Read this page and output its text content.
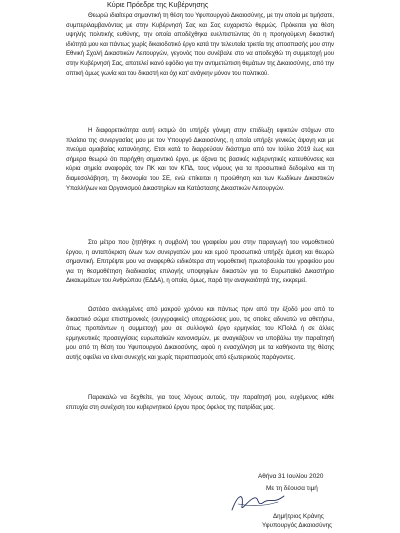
Κύριε Πρόεδρε της Κυβέρνησης

Θεωρώ ιδιαίτερα σημαντική τη θέση του Υφυπουργού Δικαιοσύνης, με την οποία με τιμήσατε, συμπεριλαμβανόντας με στην Κυβέρνησή Σας και Σας ευχαριστώ θερμώς. Πρόκειται για θέση υψηλής πολιτικής ευθύνης, την οποία αποδέχθηκα ευελπιστώντας ότι η προηγούμενη δικαστική ιδιότητά μου και πάντως χωρίς δικαιοδοτικό έργο κατά την τελευταία τριετία της αποσπασής μου στην Εθνική Σχολή Δικαστικών Λειτουργών, γεγονός που συνέβαλε στο να αποδεχθώ τη συμμετοχή μου στην Κυβέρνησή Σας, αποτελεί ικανό εφόδιο για την αντιμετώπιση θεμάτων της Δικαιοσύνης, από την οπτική όμως γωνία και του δικαστή και όχι κατ' ανάγκην μόνον του πολιτικού.

Η διαφορετικότητα αυτή εκτιμώ ότι υπήρξε γόνιμη στην επιδίωξη εφικτών στόχων στο πλαίσιο της συνεργασίας μου με τον Υπουργό Δικαιοσύνης, η οποία υπήρξε γενικώς άψογη και με πνεύμα αμοιβαίας κατανόησης. Ετσι κατά το διαρρεύσαν διάστημα από τον Ιούλιο 2019 έως και σήμερα θεωρώ ότι παρήχθη σημαντικό έργο, με άξονα τις βασικές κυβερνητικές κατευθύνσεις και κύρια σημεία αναφοράς τον ΠΚ και τον ΚΠΔ, τους νόμους για τα προσωπικά δεδομένα και τη διαμεσολάβηση, τη δικονομία του ΣΕ, ενώ επίκειται η προώθηση και των Κωδίκων Δικαστικών Υπαλλήλων και Οργανισμού Δικαστηρίων και Κατάστασης Δικαστικών Λειτουργών.

Στο μέτρο που ζητήθηκε η συμβολή του γραφείου μου στην παραγωγή του νομοθετικού έργου, η ανταπόκριση όλων των συνεργατών μου και εμού προσωπικά υπήρξε άμεση και θεωρώ σημαντική. Επιτρέψτε μου να αναφερθώ ειδικότερα στη νομοθετική πρωτοβουλία του γραφείου μου για τη θεσμοθέτηση διαδικασίας επιλογής υποψηφίων δικαστών για το Ευρωπαϊκό Δικαστήριο Δικαιωμάτων του Ανθρώπου (ΕΔΔΑ), η οποία, όμως, παρά την αναγκαιότητά της, εκκρεμεί.

Ωστόσο ανελιγμένες από μακρού χρόνου και πάντως πριν από την έξοδό μου από το δικαστικό σώμα επιστημονικές (συγγραφικές) υποχρεώσεις μου, τις οποίες αδυνατώ να αθετήσω, όπως προπάντων η συμμετοχή μου σε συλλογικό έργο ερμηνείας του ΚΠολΔ ή σε άλλες ερμηνευτικές προσεγγίσεις ευρωπαϊκών κανονισμών, με αναγκάζουν να υποβάλω την παραίτησή μου από τη θέση του Υφυπουργού Δικαιοσύνης, αφού η ενασχόληση με τα καθήκοντα της θέσης αυτής οφείλει να είναι συνεχής και χωρίς περισπασμούς από εξωτερικούς παράγοντες.

Παρακαλώ να δεχθείτε, για τους λόγους αυτούς, την παραίτησή μου, ευχόμενος κάθε επιτυχία στη συνέχιση του κυβερνητικού έργου προς όφελος της πατρίδας μας.

Αθήνα 31 Ιουλίου 2020
Με τη δέουσα τιμή
Δημήτριος Κράνης
Υφυπουργός Δικαιοσύνης
